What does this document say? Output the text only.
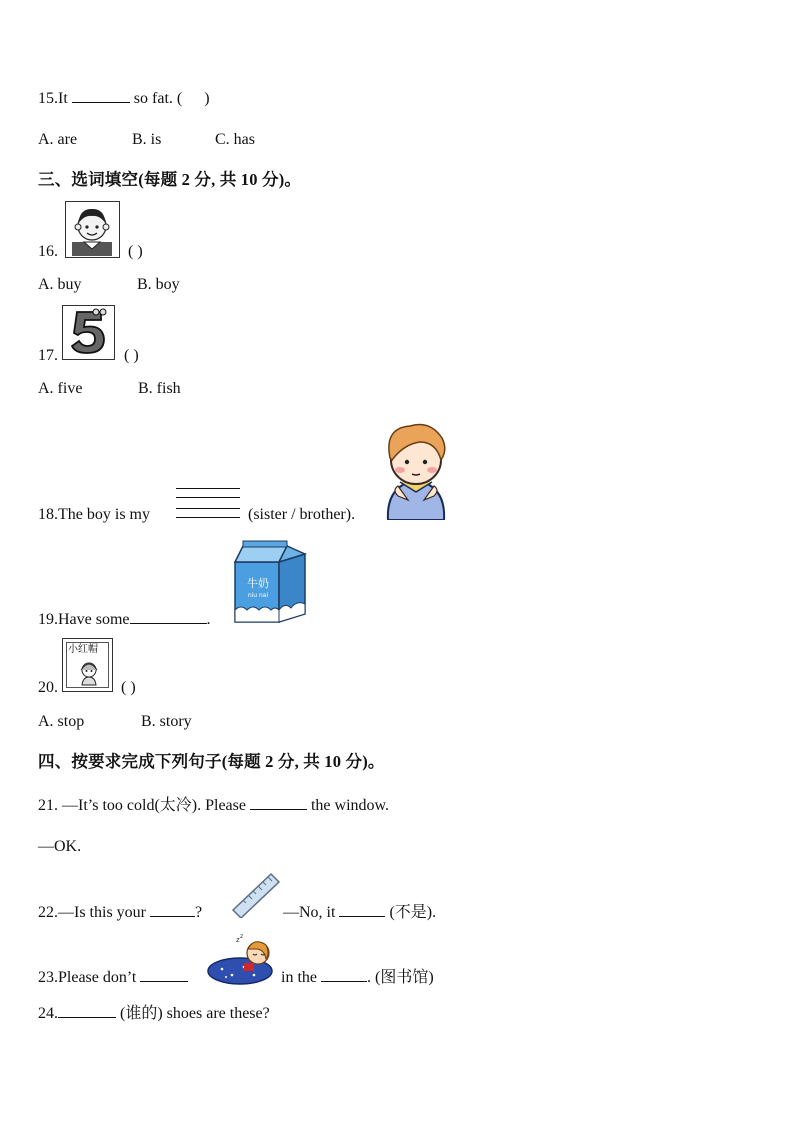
15.It	so fat. ( )
A. are	B. is	C. has
三、选词填空(每题 2 分, 共 10 分)。
16.	( )
A. buy	B. boy
17.	( )
A. five	B. fish
18.The boy is my	(sister / brother).
牛奶
niu nai
19.Have some	.
小红帽
20.	( )
A. stop	B. story
四、按要求完成下列句子(每题 2 分, 共 10 分)。
21. —It’s too cold(太冷). Please	the window.
—OK.
22.—Is this your	?	—No, it	(不是).
z z
23.Please don’t	in the	. (图书馆)
24.	(谁的) shoes are these?
